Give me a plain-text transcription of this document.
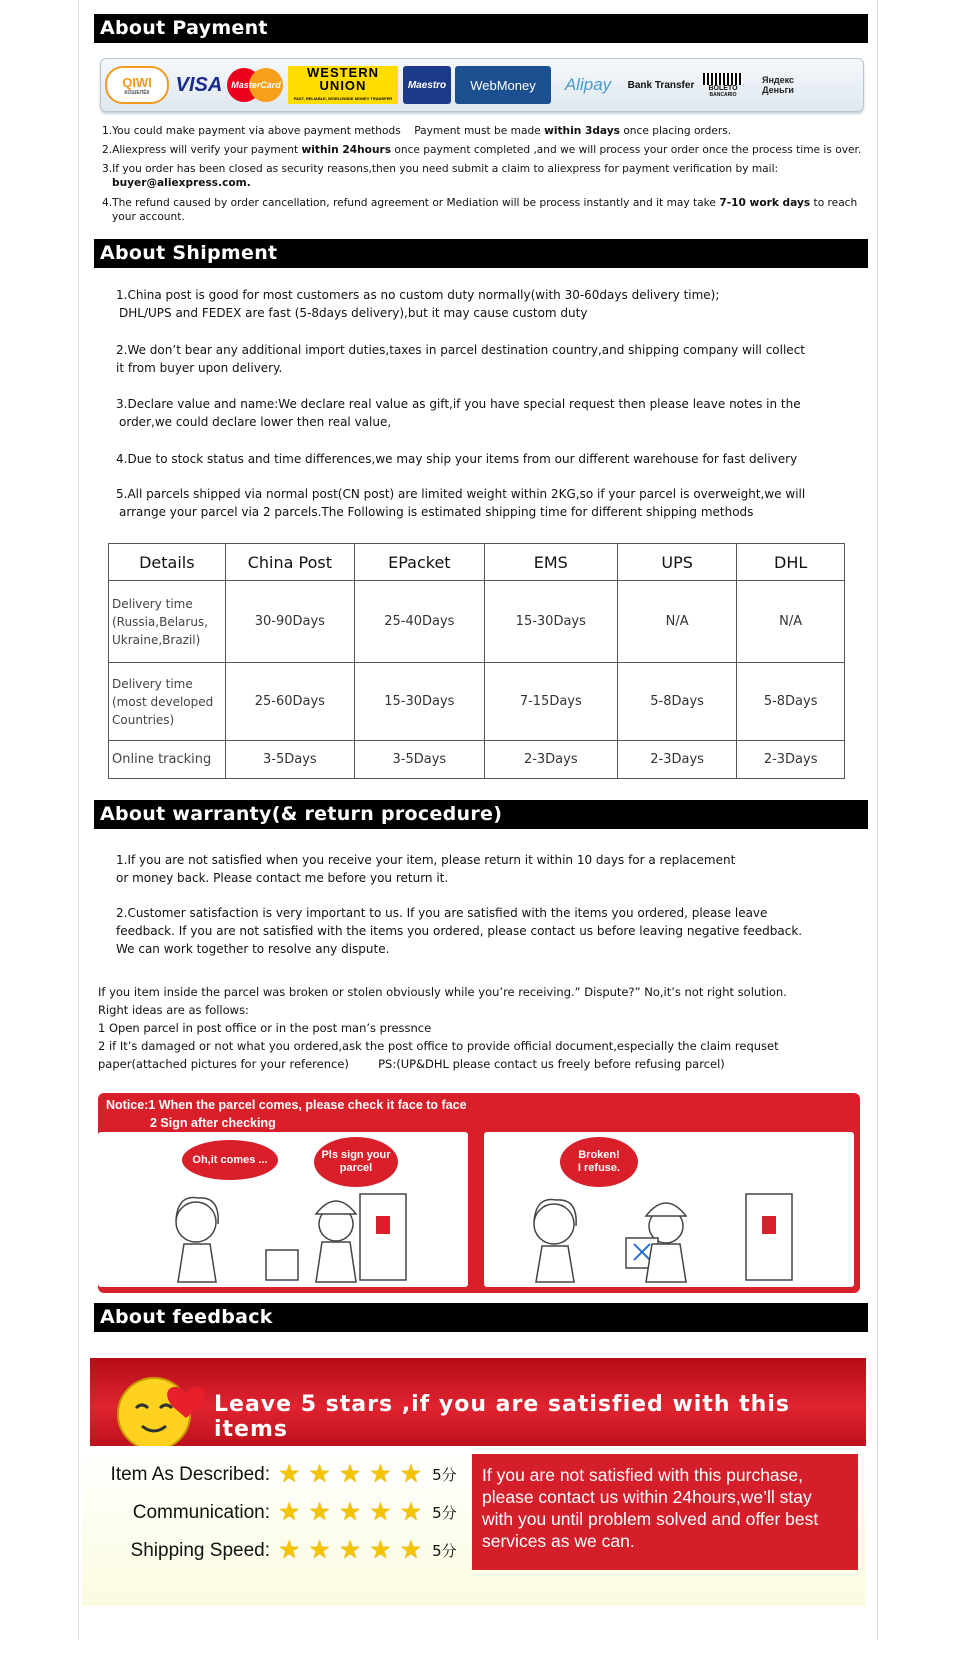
About Payment
QIWI
КОШЕЛЁК VISA MasterCard
WESTERN UNION
FAST, RELIABLE, WORLDWIDE MONEY TRANSFER
Maestro	WebMoney	Alipay	Bank Transfer	BOLETO
BANCARIO
Яндекс Деньги
1.You could make payment via above payment methods Payment must be made within 3days once placing orders.
2.Aliexpress will verify your payment within 24hours once payment completed ,and we will process your order once the process time is over.
3.If you order has been closed as security reasons,then you need submit a claim to aliexpress for payment verification by mail:
buyer@aliexpress.com.
4.The refund caused by order cancellation, refund agreement or Mediation will be process instantly and it may take 7-10 work days to reach
your account.
About Shipment
1.China post is good for most customers as no custom duty normally(with 30-60days delivery time);
DHL/UPS and FEDEX are fast (5-8days delivery),but it may cause custom duty
2.We don’t bear any additional import duties,taxes in parcel destination country,and shipping company will collect
it from buyer upon delivery.
3.Declare value and name:We declare real value as gift,if you have special request then please leave notes in the
order,we could declare lower then real value,
4.Due to stock status and time differences,we may ship your items from our different warehouse for fast delivery
5.All parcels shipped via normal post(CN post) are limited weight within 2KG,so if your parcel is overweight,we will
arrange your parcel via 2 parcels.The Following is estimated shipping time for different shipping methods
Details	China Post	EPacket	EMS	UPS	DHL
Delivery time
(Russia,Belarus,
Ukraine,Brazil)	30-90Days	25-40Days	15-30Days	N/A	N/A
Delivery time
(most developed
Countries)	25-60Days	15-30Days	7-15Days	5-8Days	5-8Days
Online tracking	3-5Days	3-5Days	2-3Days	2-3Days	2-3Days
About warranty(& return procedure)
1.If you are not satisfied when you receive your item, please return it within 10 days for a replacement
or money back. Please contact me before you return it.
2.Customer satisfaction is very important to us. If you are satisfied with the items you ordered, please leave
feedback. If you are not satisfied with the items you ordered, please contact us before leaving negative feedback.
We can work together to resolve any dispute.
If you item inside the parcel was broken or stolen obviously while you’re receiving.” Dispute?” No,it’s not right solution.
Right ideas are as follows:
1 Open parcel in post office or in the post man’s pressnce
2 if It’s damaged or not what you ordered,ask the post office to provide official document,especially the claim requset
paper(attached pictures for your reference)        PS:(UP&DHL please contact us freely before refusing parcel)
Notice:1 When the parcel comes, please check it face to face
2 Sign after checking
Oh,it comes ...	Pls sign your
parcel
Broken!
I refuse.
About feedback
Leave 5 stars ,if you are satisfied with this items
Item As Described: ★ ★ ★ ★ ★ 5分
Communication: ★ ★ ★ ★ ★ 5分
Shipping Speed: ★ ★ ★ ★ ★ 5分
If you are not satisfied with this purchase,
please contact us within 24hours,we’ll stay
with you until problem solved and offer best
services as we can.
